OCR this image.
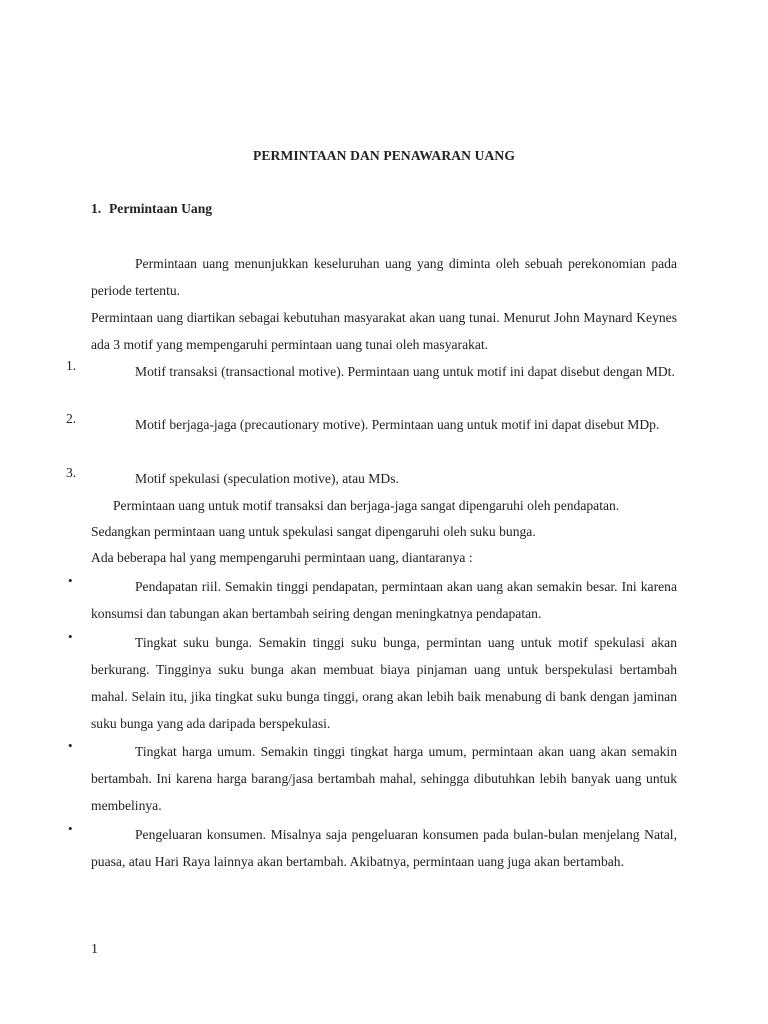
PERMINTAAN DAN PENAWARAN UANG
1. Permintaan Uang
Permintaan uang menunjukkan keseluruhan uang yang diminta oleh sebuah perekonomian pada periode tertentu.
Permintaan uang diartikan sebagai kebutuhan masyarakat akan uang tunai. Menurut John Maynard Keynes ada 3 motif yang mempengaruhi permintaan uang tunai oleh masyarakat.
1.	Motif transaksi (transactional motive). Permintaan uang untuk motif ini dapat disebut dengan MDt.
2.	Motif berjaga-jaga (precautionary motive). Permintaan uang untuk motif ini dapat disebut MDp.
3.	Motif spekulasi (speculation motive), atau MDs.
Permintaan uang untuk motif transaksi dan berjaga-jaga sangat dipengaruhi oleh pendapatan.
Sedangkan permintaan uang untuk spekulasi sangat dipengaruhi oleh suku bunga.
Ada beberapa hal yang mempengaruhi permintaan uang, diantaranya :
•	Pendapatan riil. Semakin tinggi pendapatan, permintaan akan uang akan semakin besar. Ini karena konsumsi dan tabungan akan bertambah seiring dengan meningkatnya pendapatan.
•	Tingkat suku bunga. Semakin tinggi suku bunga, permintan uang untuk motif spekulasi akan berkurang. Tingginya suku bunga akan membuat biaya pinjaman uang untuk berspekulasi bertambah mahal. Selain itu, jika tingkat suku bunga tinggi, orang akan lebih baik menabung di bank dengan jaminan suku bunga yang ada daripada berspekulasi.
•	Tingkat harga umum. Semakin tinggi tingkat harga umum, permintaan akan uang akan semakin bertambah. Ini karena harga barang/jasa bertambah mahal, sehingga dibutuhkan lebih banyak uang untuk membelinya.
•	Pengeluaran konsumen. Misalnya saja pengeluaran konsumen pada bulan-bulan menjelang Natal, puasa, atau Hari Raya lainnya akan bertambah. Akibatnya, permintaan uang juga akan bertambah.
1
